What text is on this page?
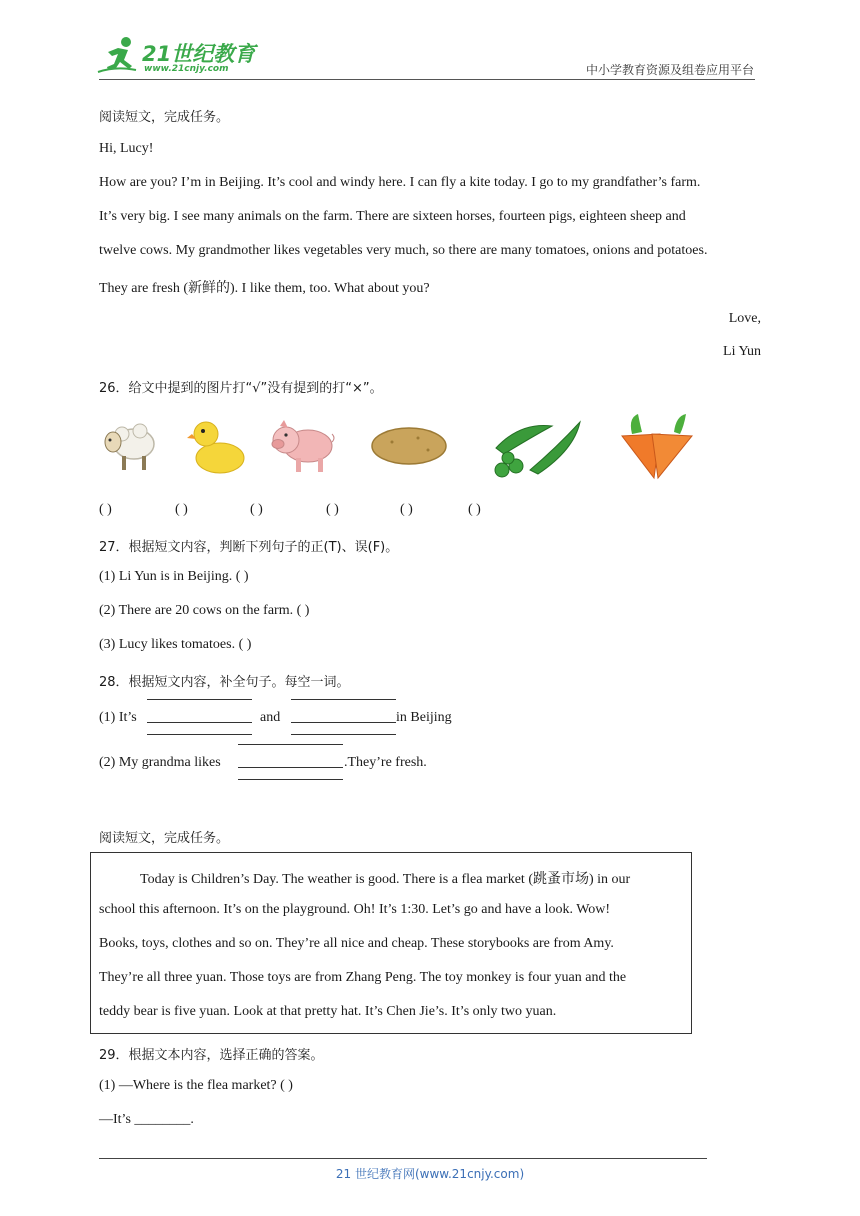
21世纪教育
www.21cnjy.com	中小学教育资源及组卷应用平台
阅读短文，完成任务。
Hi, Lucy!
How are you? I’m in Beijing. It’s cool and windy here. I can fly a kite today. I go to my grandfather’s farm.
It’s very big. I see many animals on the farm. There are sixteen horses, fourteen pigs, eighteen sheep and
twelve cows. My grandmother likes vegetables very much, so there are many tomatoes, onions and potatoes.
They are fresh (新鲜的). I like them, too. What about you?
Love,
Li Yun
26．给文中提到的图片打“√”没有提到的打“×”。
( )	( )	( )	( )	( )	( )
27．根据短文内容，判断下列句子的正(T)、误(F)。
(1) Li Yun is in Beijing. ( )
(2) There are 20 cows on the farm. ( )
(3) Lucy likes tomatoes. ( )
28．根据短文内容，补全句子。每空一词。
(1) It’s	and	in Beijing
(2) My grandma likes	.They’re fresh.
阅读短文，完成任务。
Today is Children’s Day. The weather is good. There is a flea market (跳蚤市场) in our
school this afternoon. It’s on the playground. Oh! It’s 1:30. Let’s go and have a look. Wow!
Books, toys, clothes and so on. They’re all nice and cheap. These storybooks are from Amy.
They’re all three yuan. Those toys are from Zhang Peng. The toy monkey is four yuan and the
teddy bear is five yuan. Look at that pretty hat. It’s Chen Jie’s. It’s only two yuan.
29．根据文本内容，选择正确的答案。
(1) —Where is the flea market? ( )
—It’s ________.
21 世纪教育网(www.21cnjy.com)
